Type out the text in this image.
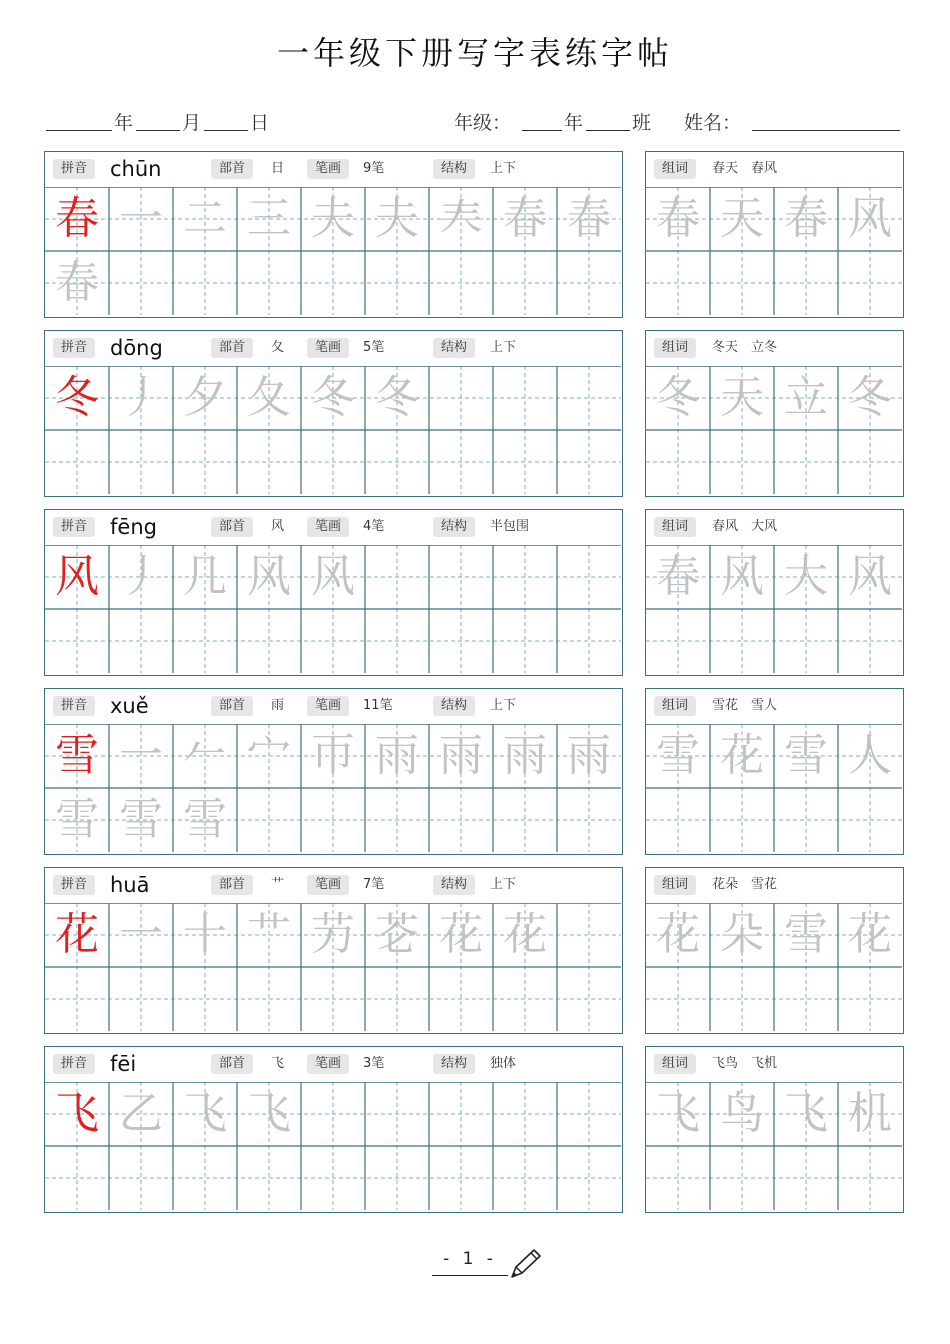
一年级下册写字表练字帖
年	月	日	年级：	年	班 姓名：
拼音	chūn	部首	日	笔画	9笔	结构	上下
春 一 二 三 夫 夫 𡗗 春 春
春
组词	春天　春风
春 天 春 风
拼音	dōng	部首	夂	笔画	5笔	结构	上下
冬 丿 夕 夂 冬 冬
组词	冬天　立冬
冬 天 立 冬
拼音	fēng	部首	风	笔画	4笔	结构	半包围
风 丿 几 风 风
组词	春风　大风
春 风 大 风
拼音	xuě	部首	雨	笔画	11笔	结构	上下
雪 一 𠂉 宀 帀 雨 雨 雨 雨
雪 雪 雪
组词	雪花　雪人
雪 花 雪 人
拼音	huā	部首	艹	笔画	7笔	结构	上下
花 一 十 艹 芀 芲 花 花
组词	花朵　雪花
花 朵 雪 花
拼音	fēi	部首	飞	笔画	3笔	结构	独体
飞 乙 飞 飞
组词	飞鸟　飞机
飞 鸟 飞 机
- 1 -
